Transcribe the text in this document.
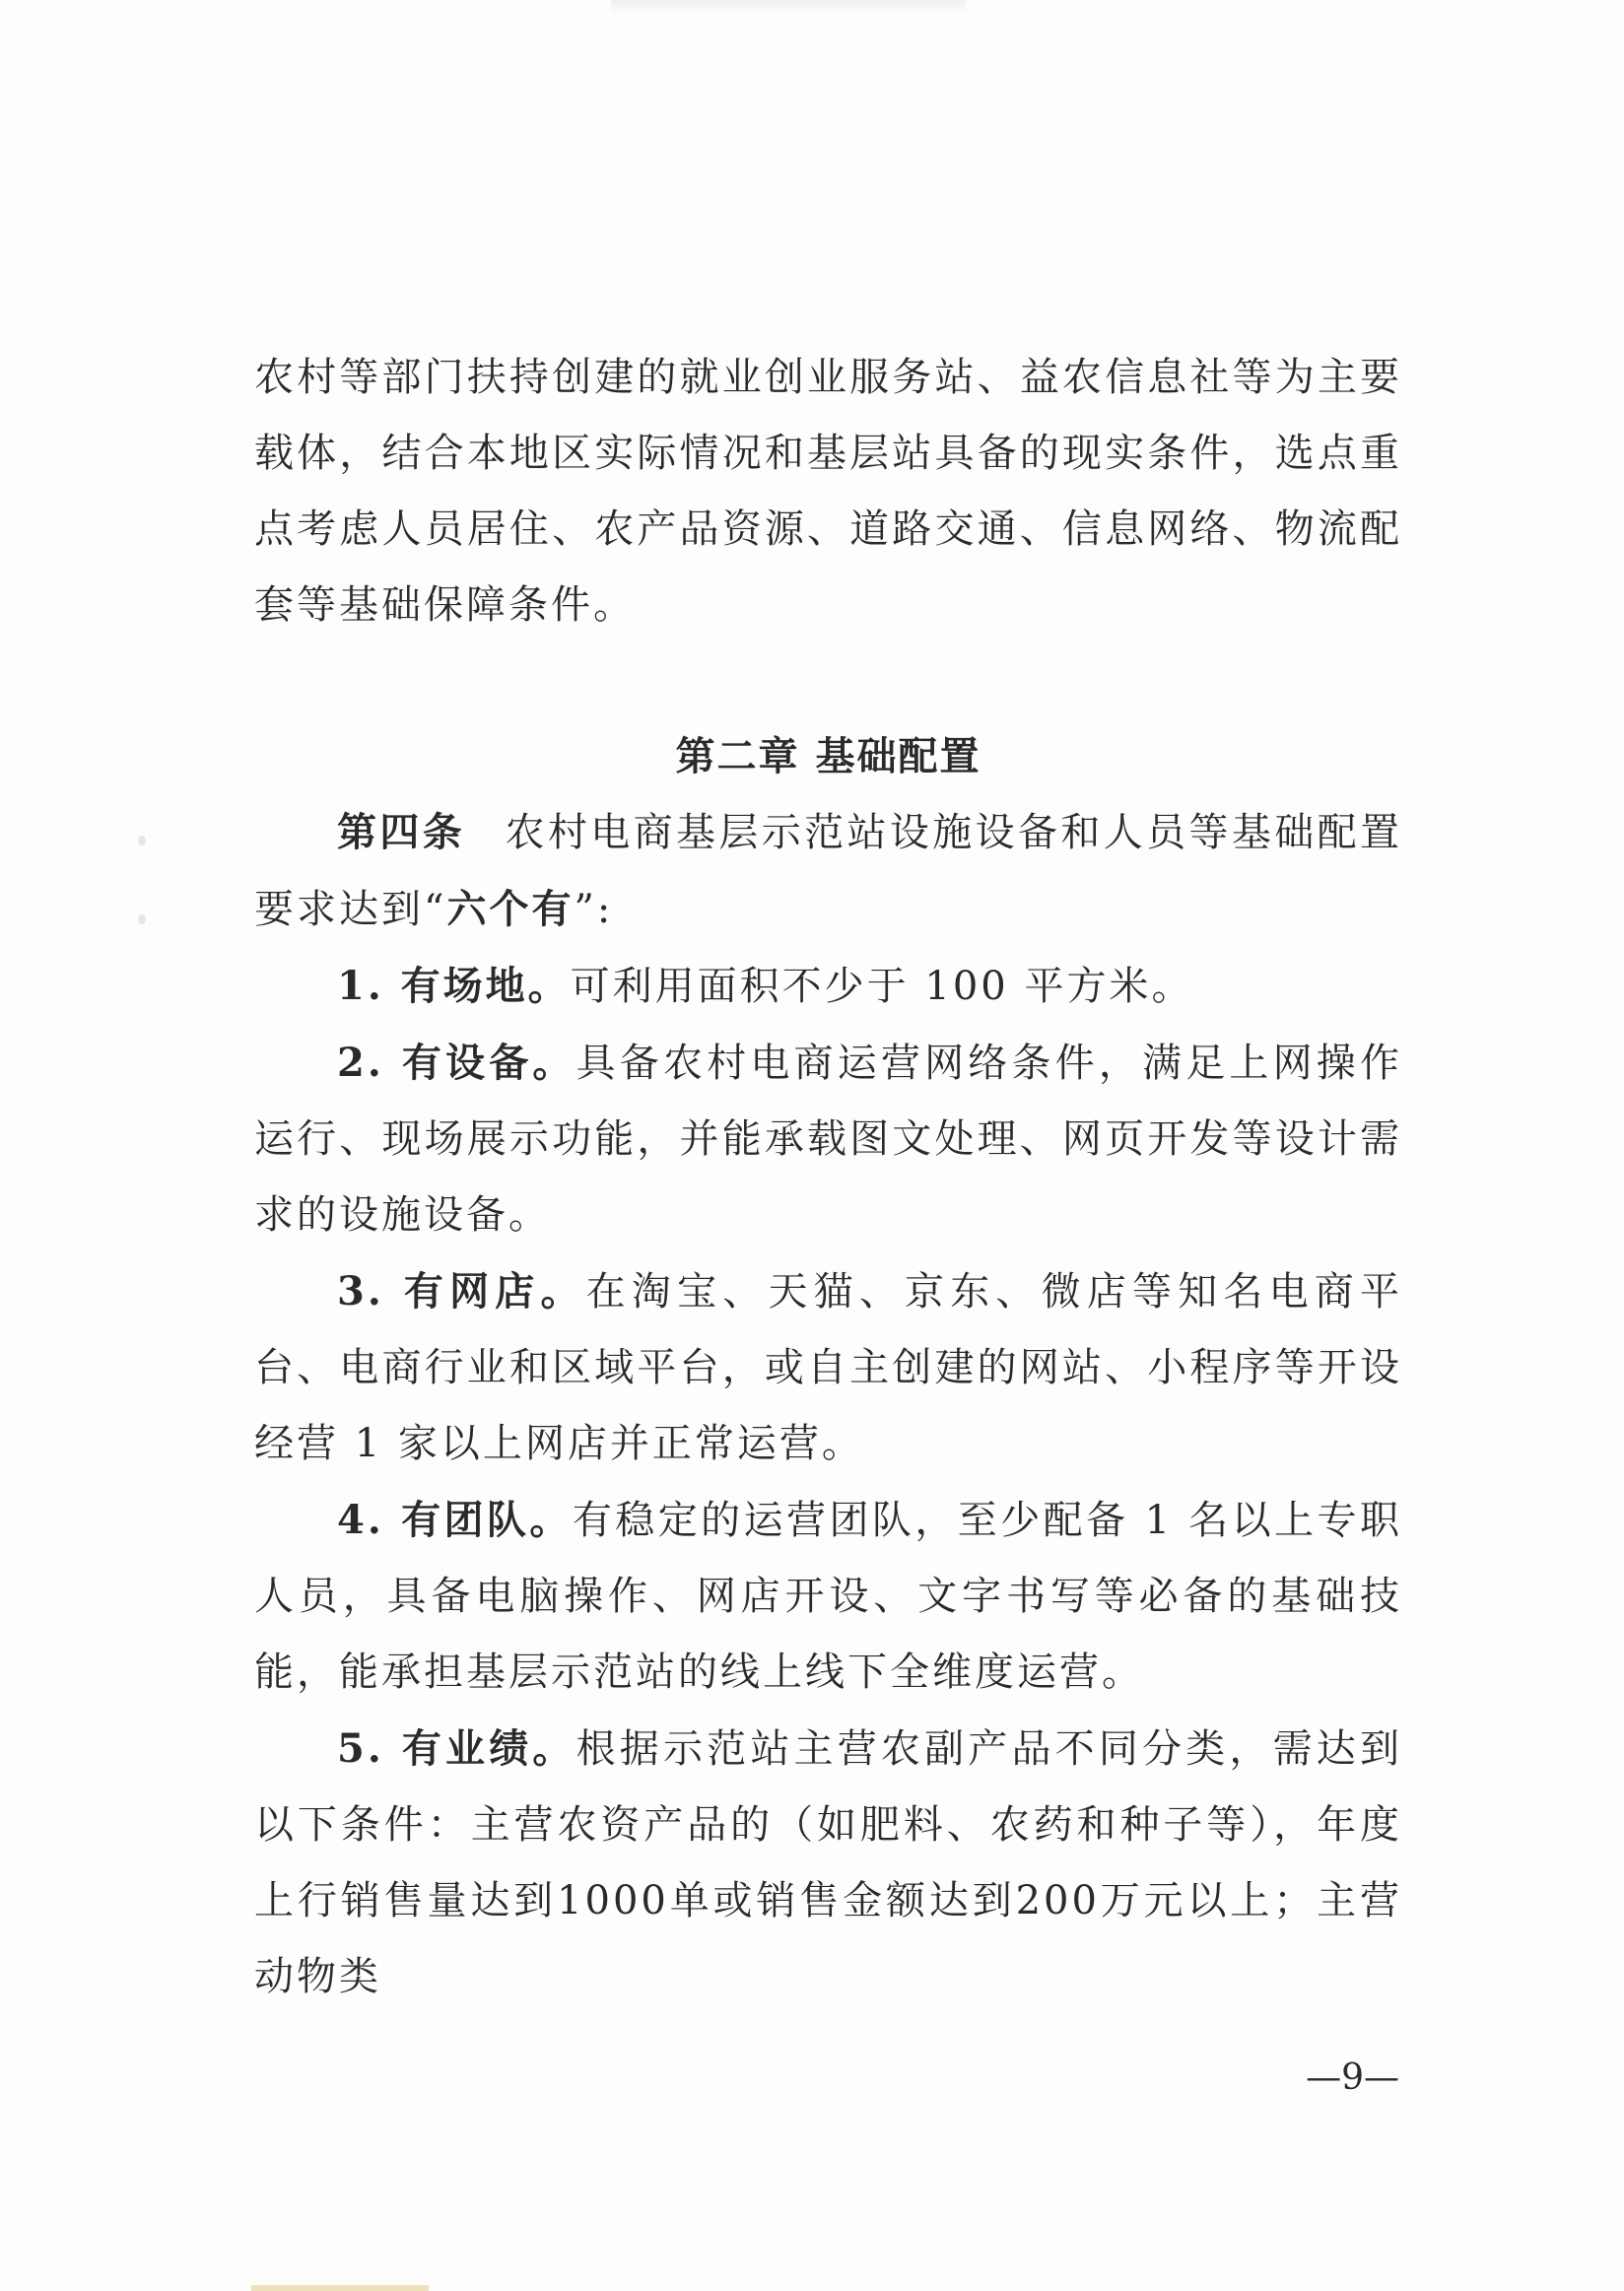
农村等部门扶持创建的就业创业服务站、益农信息社等为主要载体，结合本地区实际情况和基层站具备的现实条件，选点重点考虑人员居住、农产品资源、道路交通、信息网络、物流配套等基础保障条件。

第二章 基础配置

第四条 农村电商基层示范站设施设备和人员等基础配置要求达到“六个有”:

1. 有场地。可利用面积不少于 100 平方米。

2. 有设备。具备农村电商运营网络条件，满足上网操作运行、现场展示功能，并能承载图文处理、网页开发等设计需求的设施设备。

3. 有网店。在淘宝、天猫、京东、微店等知名电商平台、电商行业和区域平台，或自主创建的网站、小程序等开设经营 1 家以上网店并正常运营。

4. 有团队。有稳定的运营团队，至少配备 1 名以上专职人员，具备电脑操作、网店开设、文字书写等必备的基础技能，能承担基层示范站的线上线下全维度运营。

5. 有业绩。根据示范站主营农副产品不同分类，需达到以下条件：主营农资产品的（如肥料、农药和种子等），年度上行销售量达到1000单或销售金额达到200万元以上；主营动物类

—9—
